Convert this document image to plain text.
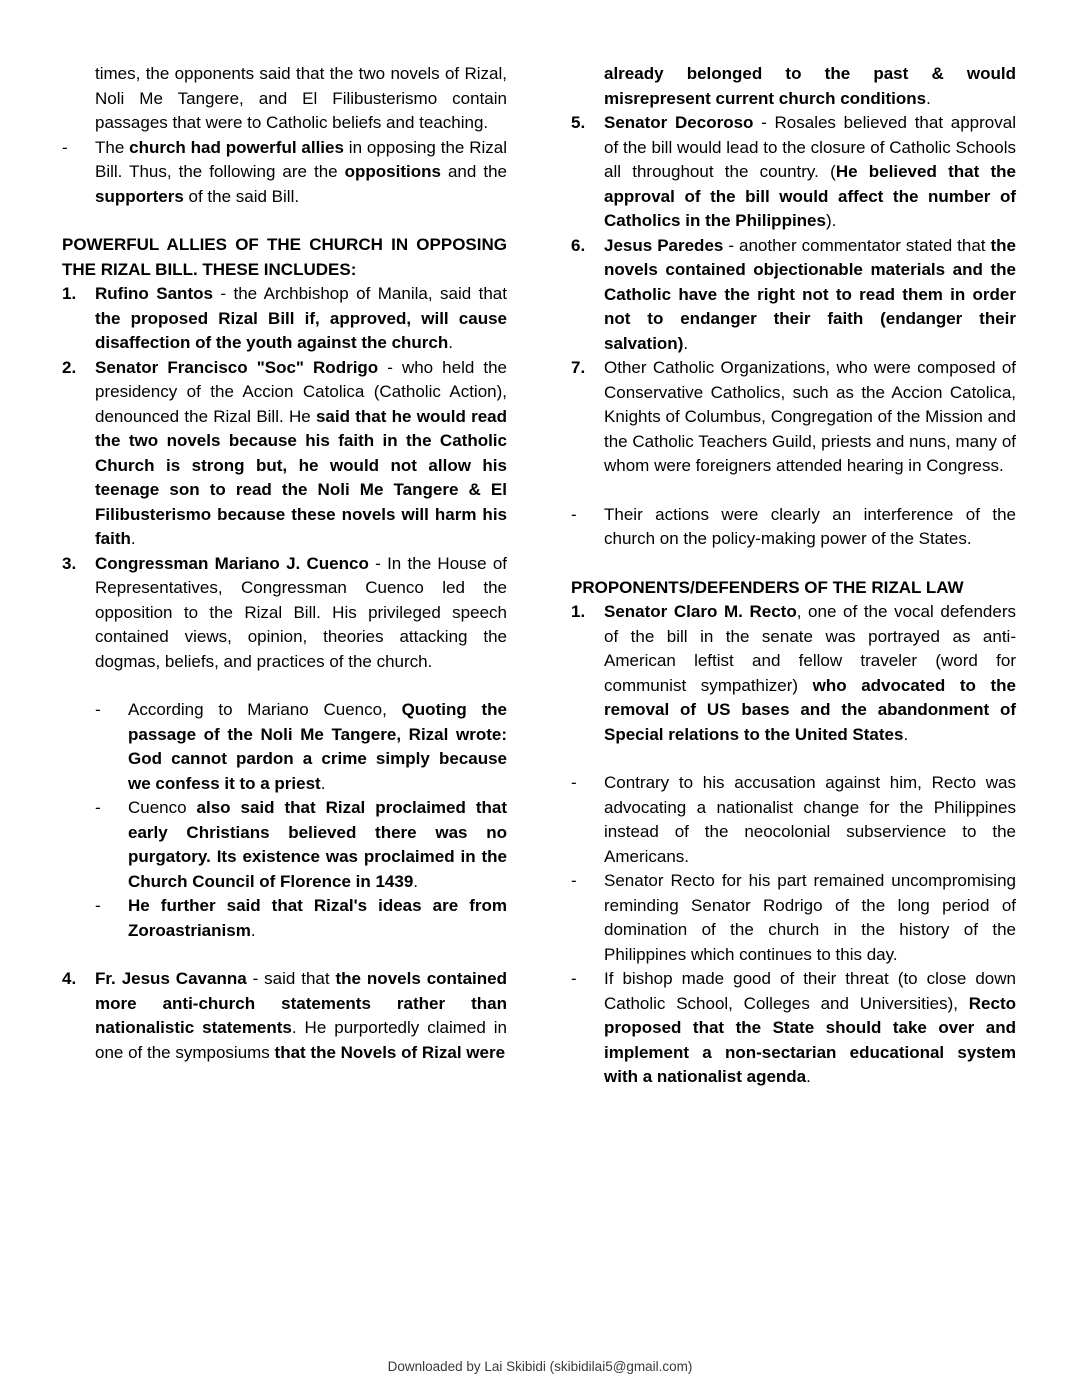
times, the opponents said that the two novels of Rizal, Noli Me Tangere, and El Filibusterismo contain passages that were to Catholic beliefs and teaching.
-	The church had powerful allies in opposing the Rizal Bill. Thus, the following are the oppositions and the supporters of the said Bill.
POWERFUL ALLIES OF THE CHURCH IN OPPOSING THE RIZAL BILL. THESE INCLUDES:
1.	Rufino Santos - the Archbishop of Manila, said that the proposed Rizal Bill if, approved, will cause disaffection of the youth against the church.
2.	Senator Francisco "Soc" Rodrigo - who held the presidency of the Accion Catolica (Catholic Action), denounced the Rizal Bill. He said that he would read the two novels because his faith in the Catholic Church is strong but, he would not allow his teenage son to read the Noli Me Tangere & El Filibusterismo because these novels will harm his faith.
3.	Congressman Mariano J. Cuenco - In the House of Representatives, Congressman Cuenco led the opposition to the Rizal Bill. His privileged speech contained views, opinion, theories attacking the dogmas, beliefs, and practices of the church.
-	According to Mariano Cuenco, Quoting the passage of the Noli Me Tangere, Rizal wrote: God cannot pardon a crime simply because we confess it to a priest.
-	Cuenco also said that Rizal proclaimed that early Christians believed there was no purgatory. Its existence was proclaimed in the Church Council of Florence in 1439.
-	He further said that Rizal's ideas are from Zoroastrianism.
4.	Fr. Jesus Cavanna - said that the novels contained more anti-church statements rather than nationalistic statements. He purportedly claimed in one of the symposiums that the Novels of Rizal were
already belonged to the past & would misrepresent current church conditions.
5.	Senator Decoroso - Rosales believed that approval of the bill would lead to the closure of Catholic Schools all throughout the country. (He believed that the approval of the bill would affect the number of Catholics in the Philippines).
6.	Jesus Paredes - another commentator stated that the novels contained objectionable materials and the Catholic have the right not to read them in order not to endanger their faith (endanger their salvation).
7.	Other Catholic Organizations, who were composed of Conservative Catholics, such as the Accion Catolica, Knights of Columbus, Congregation of the Mission and the Catholic Teachers Guild, priests and nuns, many of whom were foreigners attended hearing in Congress.
-	Their actions were clearly an interference of the church on the policy-making power of the States.
PROPONENTS/DEFENDERS OF THE RIZAL LAW
1.	Senator Claro M. Recto, one of the vocal defenders of the bill in the senate was portrayed as anti-American leftist and fellow traveler (word for communist sympathizer) who advocated to the removal of US bases and the abandonment of Special relations to the United States.
-	Contrary to his accusation against him, Recto was advocating a nationalist change for the Philippines instead of the neocolonial subservience to the Americans.
-	Senator Recto for his part remained uncompromising reminding Senator Rodrigo of the long period of domination of the church in the history of the Philippines which continues to this day.
-	If bishop made good of their threat (to close down Catholic School, Colleges and Universities), Recto proposed that the State should take over and implement a non-sectarian educational system with a nationalist agenda.
Downloaded by Lai Skibidi (skibidilai5@gmail.com)
